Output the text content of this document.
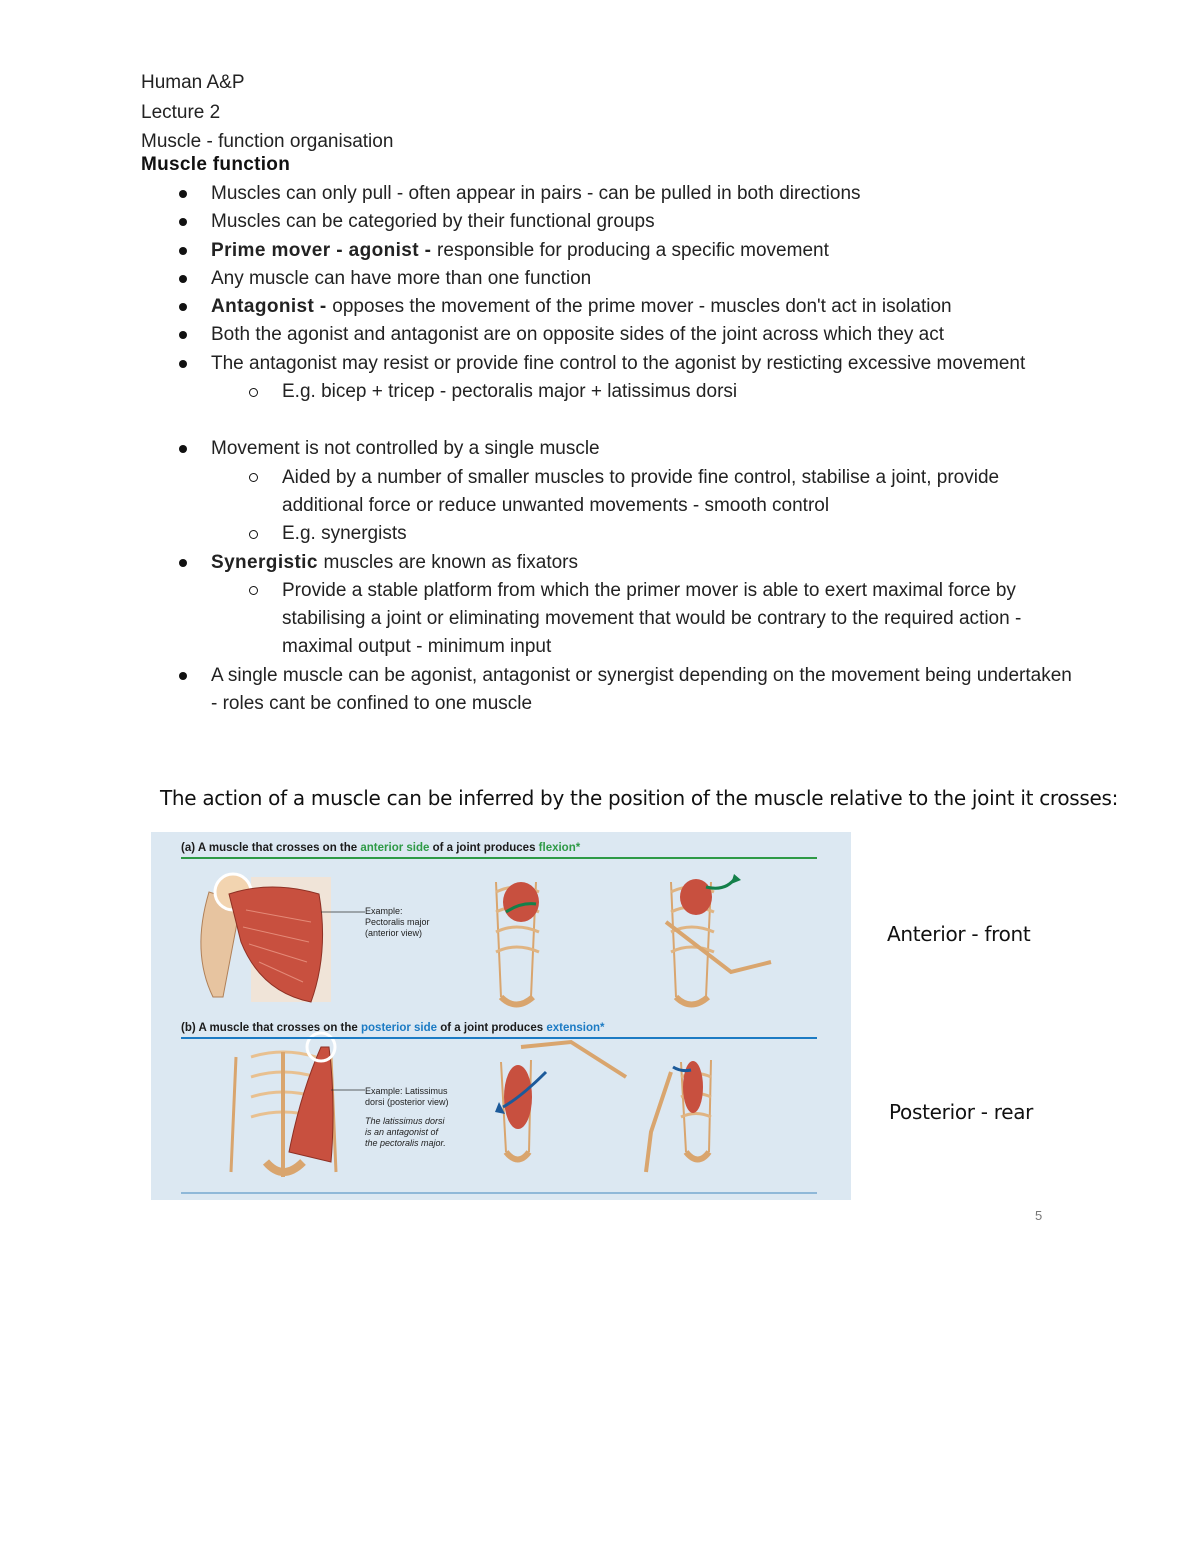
Human A&P
Lecture 2
Muscle - function organisation
Muscle function
Muscles can only pull - often appear in pairs - can be pulled in both directions
Muscles can be categoried by their functional groups
Prime mover - agonist - responsible for producing a specific movement
Any muscle can have more than one function
Antagonist - opposes the movement of the prime mover - muscles don't act in isolation
Both the agonist and antagonist are on opposite sides of the joint across which they act
The antagonist may resist or provide fine control to the agonist by resticting excessive movement
E.g. bicep + tricep - pectoralis major + latissimus dorsi
Movement is not controlled by a single muscle
Aided by a number of smaller muscles to provide fine control, stabilise a joint, provide additional force or reduce unwanted movements - smooth control
E.g. synergists
Synergistic muscles are known as fixators
Provide a stable platform from which the primer mover is able to exert maximal force by stabilising a joint or eliminating movement that would be contrary to the required action - maximal output - minimum input
A single muscle can be agonist, antagonist or synergist depending on the movement being undertaken - roles cant be confined to one muscle
The action of a muscle can be inferred by the position of the muscle relative to the joint it crosses:
(a) A muscle that crosses on the anterior side of a joint produces flexion*
Example:
Pectoralis major
(anterior view)
(b) A muscle that crosses on the posterior side of a joint produces extension*
Example: Latissimus
dorsi (posterior view)
The latissimus dorsi
is an antagonist of
the pectoralis major.
Anterior - front
Posterior - rear
5
